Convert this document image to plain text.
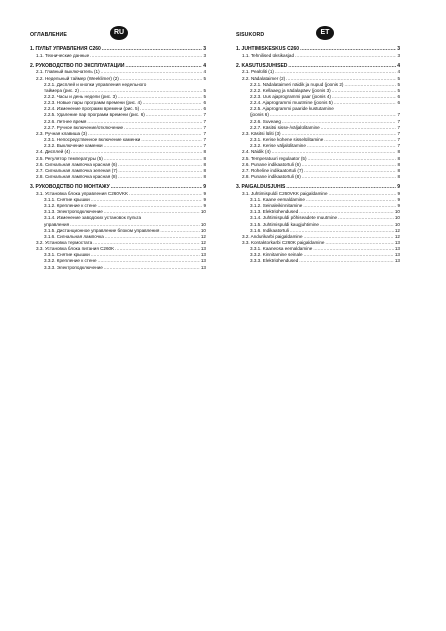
ОГЛАВЛЕНИЕ	RU
1. ПУЛЬТ УПРАВЛЕНИЯ C260 .....	3
1.1. Технические данные .....	3
2. РУКОВОДСТВО ПО ЭКСПЛУАТАЦИИ .....	4
2.1. Главный выключатель (1) .....	4
2.2. Недельный таймер (Weeklimer) (2) .....	5
2.2.1. Дисплей и кнопки управления недельного
таймера (рис. 2) .....	5
2.2.2. Часы и день недели (рис. 3) .....	5
2.2.3. Новые пары программ времени (рис. 4) .....	6
2.2.4. Изменение программ времени (рис. 5) .....	6
2.2.5. Удаление пар программ времени (рис. 6) .....	7
2.2.6. Летнее время .....	7
2.2.7. Ручное включение/отключение .....	7
2.3. Ручная клавиша (3) .....	7
2.3.1. Непосредственное включение каменки .....	7
2.3.2. Выключение каменки .....	7
2.4. Дисплей (4) .....	8
2.5. Регулятор температуры (5) .....	8
2.6. Сигнальная лампочка красная (6) .....	8
2.7. Сигнальная лампочка зеленая (7) .....	8
2.8. Сигнальная лампочка красная (8) .....	8
3. РУКОВОДСТВО ПО МОНТАЖУ .....	9
3.1. Установка блока управления C260VKK .....	9
3.1.1. Снятие крышки .....	9
3.1.2. Крепление к стене .....	9
3.1.3. Электроподключение .....	10
3.1.4. Изменение заводских установок пульта
управления .....	10
3.1.5. Дистанционное управление блоком управления .....	10
3.1.6. Сигнальная лампочка .....	12
3.2. Установка термостата .....	12
3.3. Установка блока питания C260K .....	13
3.3.1. Снятие крышки .....	13
3.3.2. Крепление к стене .....	13
3.3.3. Электроподключение .....	13
SISUKORD	ET
1. JUHTIMISKESKUS C260 .....	3
1.1. Tehnilised üksikasjad .....	3
2. KASUTUSJUHISED .....	4
2.1. Pealüliti (1) .....	4
2.2. Nädalataimer (2) .....	5
2.2.1. Nädalataimeri näidik ja nupud (joonis 2) .....	5
2.2.2. Kellaaeg ja nädalapäev (joonis 3) .....	5
2.2.3. Uus ajaprogrammi paar (joonis 4) .....	6
2.2.4. Ajaprogrammi muutmine (joonis 5) .....	6
2.2.5. Ajaprogrammi paaride kustutamine
(joonis 6) .....	7
2.2.6. Suveaeg .....	7
2.2.7. Käsitsi sisse-/väljalülitamine .....	7
2.3. Käsitsi lüliti (3) .....	7
2.3.1. Kerise kohene sisselülitamine .....	7
2.3.2. Kerise väljalülitamine .....	7
2.4. Näidik (4) .....	8
2.5. Temperatuuri regulaator (5) .....	8
2.6. Punane indikaatortuli (6) .....	8
2.7. Roheline indikaatortuli (7) .....	8
2.8. Punane indikaatortuli (8) .....	8
3. PAIGALDUSJUHIS .....	9
3.1. Juhtimispuldi C260VKK paigaldamine .....	9
3.1.1. Kaane eemaldamine .....	9
3.1.2. Seinaleikinnitamine .....	9
3.1.3. Elektriühendused .....	10
3.1.4. Juhtimispuldi põhiseadete muutmine .....	10
3.1.5. Juhtimispuldi kaugjuhtimine .....	10
3.1.6. Indikaatortuli .....	12
3.2. Andurikarbi paigaldamine .....	12
3.3. Kontaktorkarbi C260K paigaldamine .....	13
3.3.1. Kaaneosa eemaldamine .....	13
3.3.2. Kinnitamine seinale .....	13
3.3.3. Elektriühendused .....	13
